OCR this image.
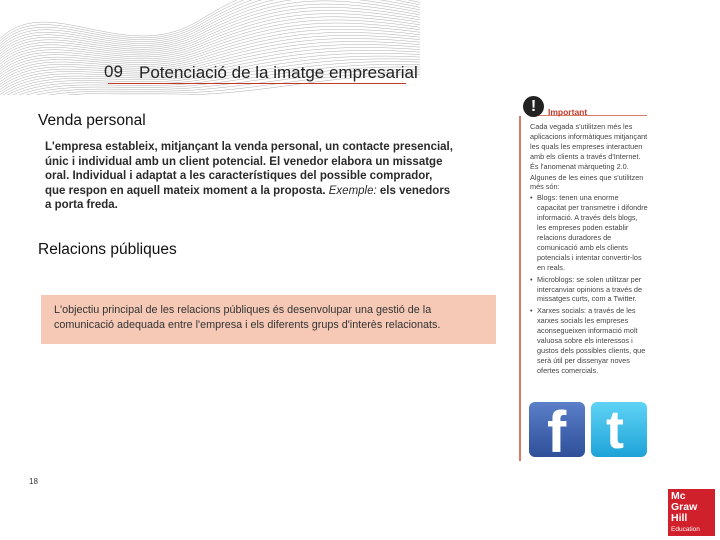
09 Potenciació de la imatge empresarial
Venda personal
L'empresa estableix, mitjançant la venda personal, un contacte presencial, únic i individual amb un client potencial. El venedor elabora un missatge oral. Individual i adaptat a les característiques del possible comprador, que respon en aquell mateix moment a la proposta. Exemple: els venedors a porta freda.
Relacions públiques

L'objectiu principal de les relacions públiques és desenvolupar una gestió de la comunicació adequada entre l'empresa i els diferents grups d'interès relacionats.

!	Important

Cada vegada s'utilitzen més les aplicacions informàtiques mitjançant les quals les empreses interactuen amb els clients a través d'Internet. És l'anomenat màrqueting 2.0.

Algunes de les eines que s'utilitzen més són:

• Blogs: tenen una enorme capacitat per transmetre i difondre informació. A través dels blogs, les empreses poden establir relacions duradores de comunicació amb els clients potencials i intentar convertir-los en reals.
• Microblogs: se solen utilitzar per intercanviar opinions a través de missatges curts, com a Twitter.
• Xarxes socials: a través de les xarxes socials les empreses aconsegueixen informació molt valuosa sobre els interessos i gustos dels possibles clients, que serà útil per dissenyar noves ofertes comercials.
f t
18
Mc
Graw
Hill
Education
